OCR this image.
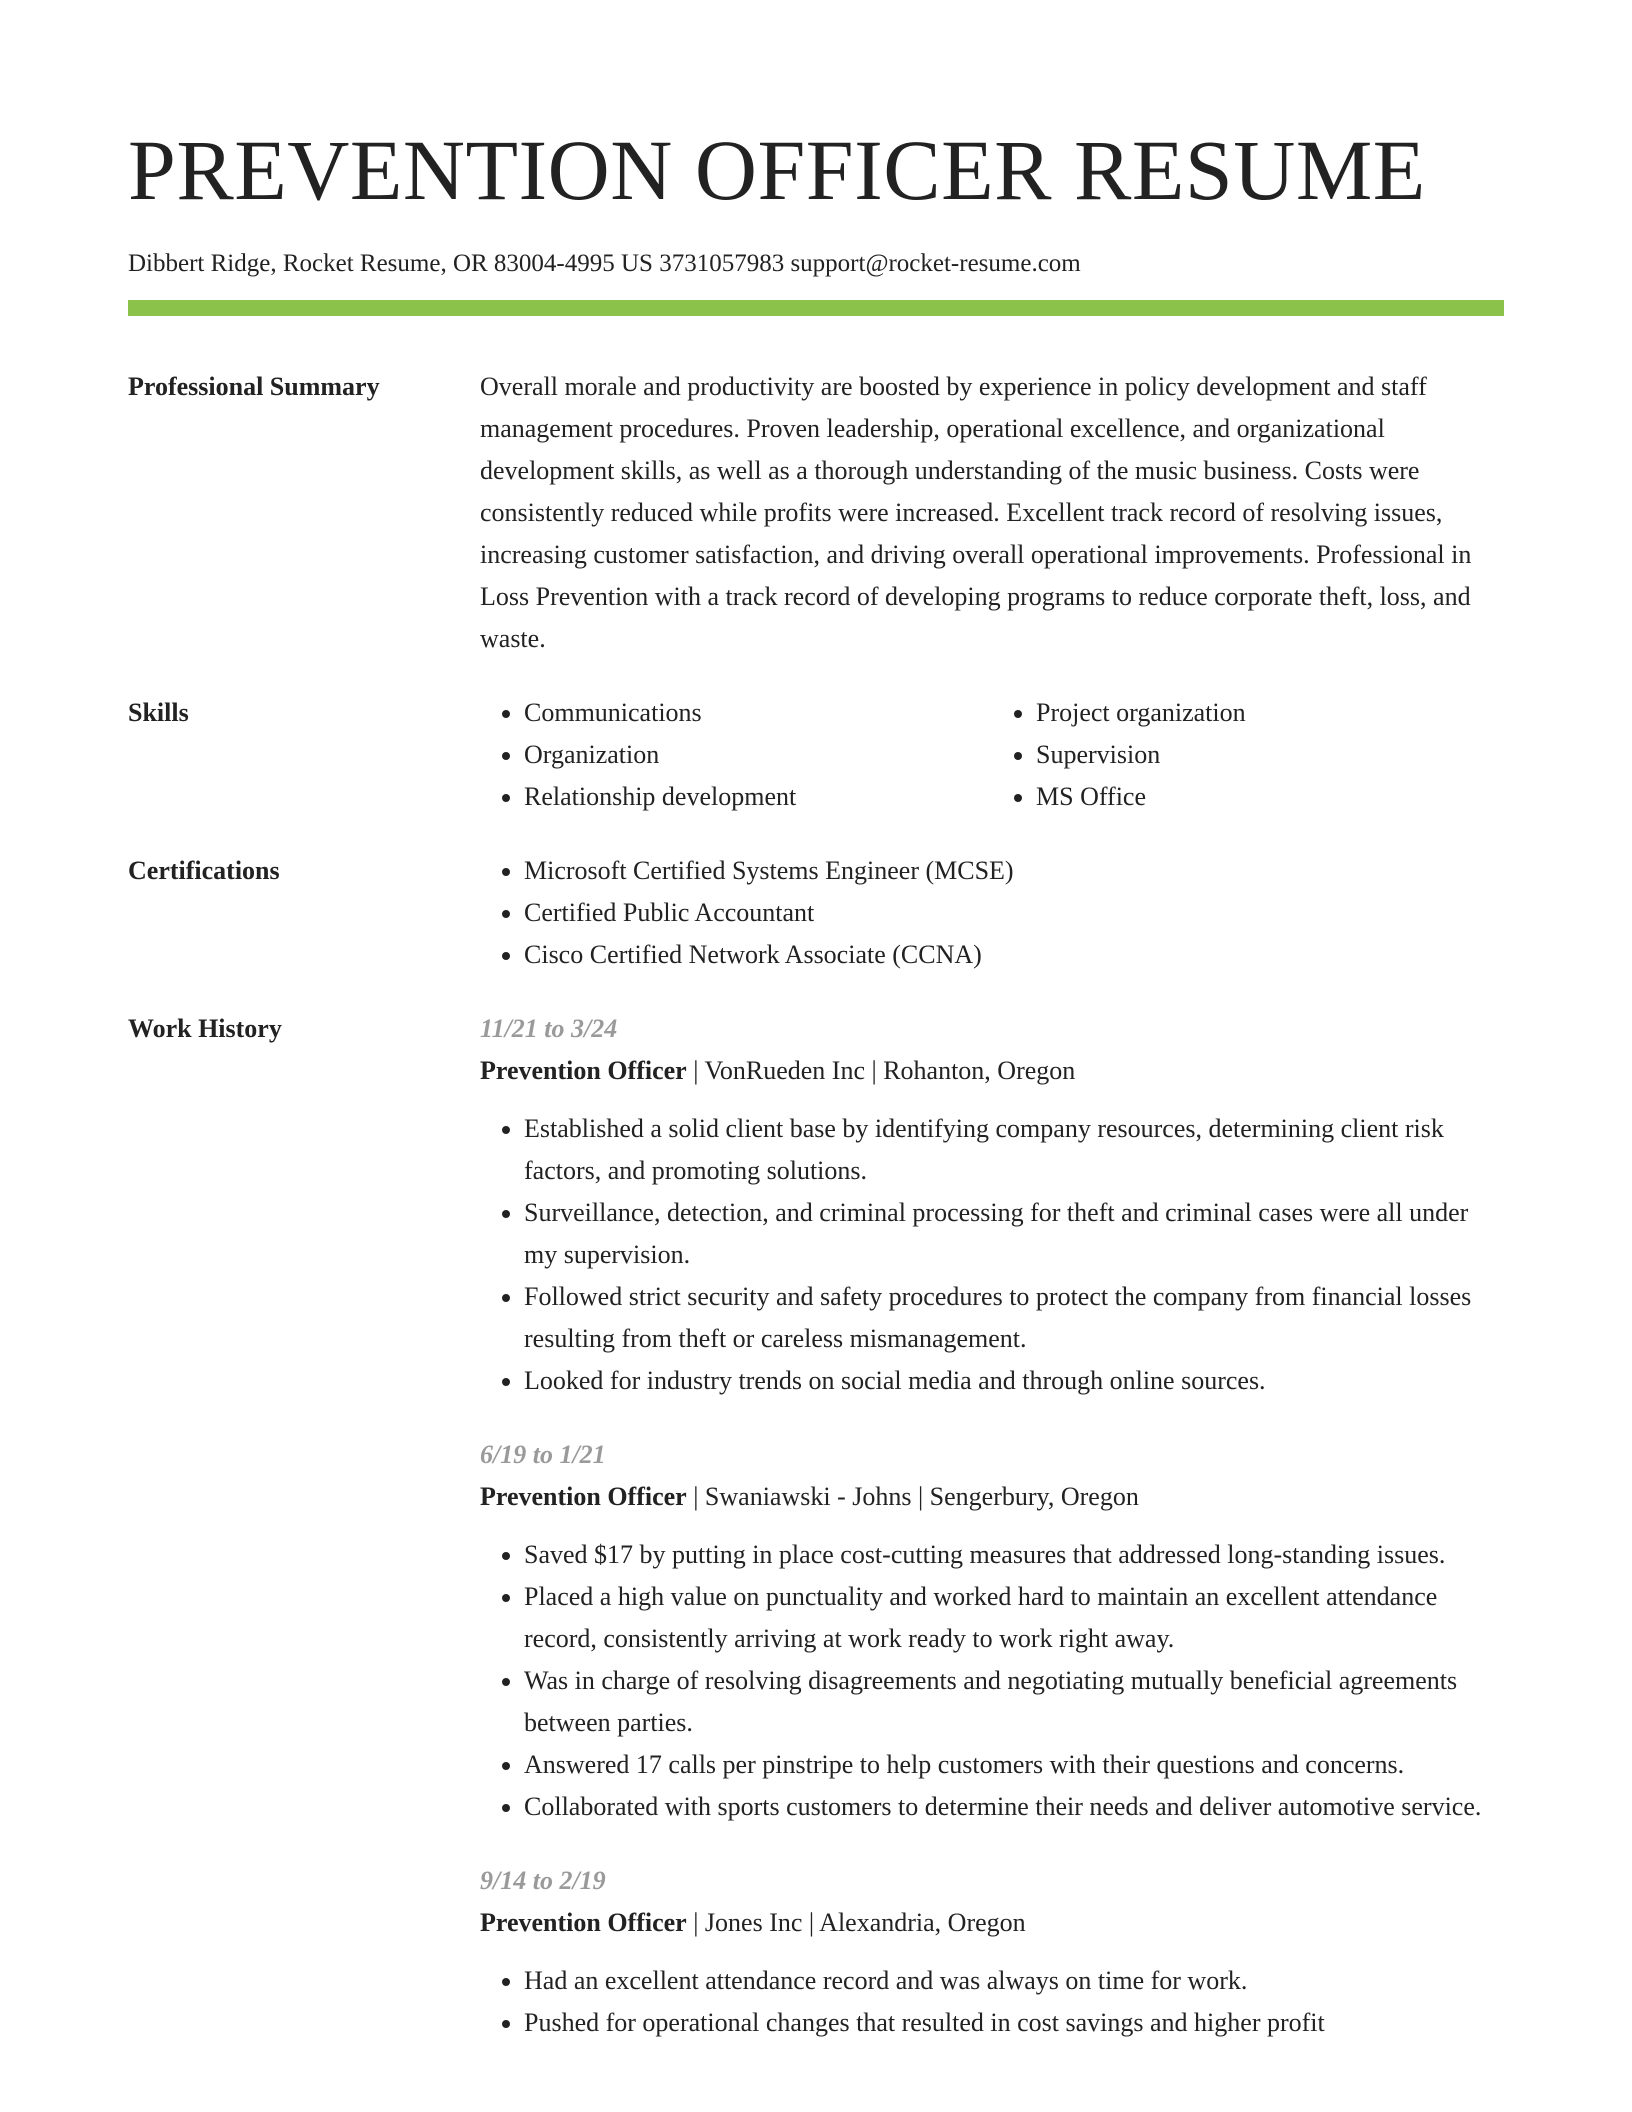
PREVENTION OFFICER RESUME
Dibbert Ridge, Rocket Resume, OR 83004-4995 US 3731057983 support@rocket-resume.com
Professional Summary	Overall morale and productivity are boosted by experience in policy development and staff management procedures. Proven leadership, operational excellence, and organizational development skills, as well as a thorough understanding of the music business. Costs were consistently reduced while profits were increased. Excellent track record of resolving issues, increasing customer satisfaction, and driving overall operational improvements. Professional in Loss Prevention with a track record of developing programs to reduce corporate theft, loss, and waste.

Skills	• Communications
• Organization
• Relationship development
• Project organization
• Supervision
• MS Office
Certifications	• Microsoft Certified Systems Engineer (MCSE)
• Certified Public Accountant
• Cisco Certified Network Associate (CCNA)
Work History	11/21 to 3/24
Prevention Officer | VonRueden Inc | Rohanton, Oregon
• Established a solid client base by identifying company resources, determining client risk factors, and promoting solutions.
• Surveillance, detection, and criminal processing for theft and criminal cases were all under my supervision.
• Followed strict security and safety procedures to protect the company from financial losses resulting from theft or careless mismanagement.
• Looked for industry trends on social media and through online sources.
6/19 to 1/21
Prevention Officer | Swaniawski - Johns | Sengerbury, Oregon
• Saved $17 by putting in place cost-cutting measures that addressed long-standing issues.
• Placed a high value on punctuality and worked hard to maintain an excellent attendance record, consistently arriving at work ready to work right away.
• Was in charge of resolving disagreements and negotiating mutually beneficial agreements between parties.
• Answered 17 calls per pinstripe to help customers with their questions and concerns.
• Collaborated with sports customers to determine their needs and deliver automotive service.
9/14 to 2/19
Prevention Officer | Jones Inc | Alexandria, Oregon
• Had an excellent attendance record and was always on time for work.
• Pushed for operational changes that resulted in cost savings and higher profit
